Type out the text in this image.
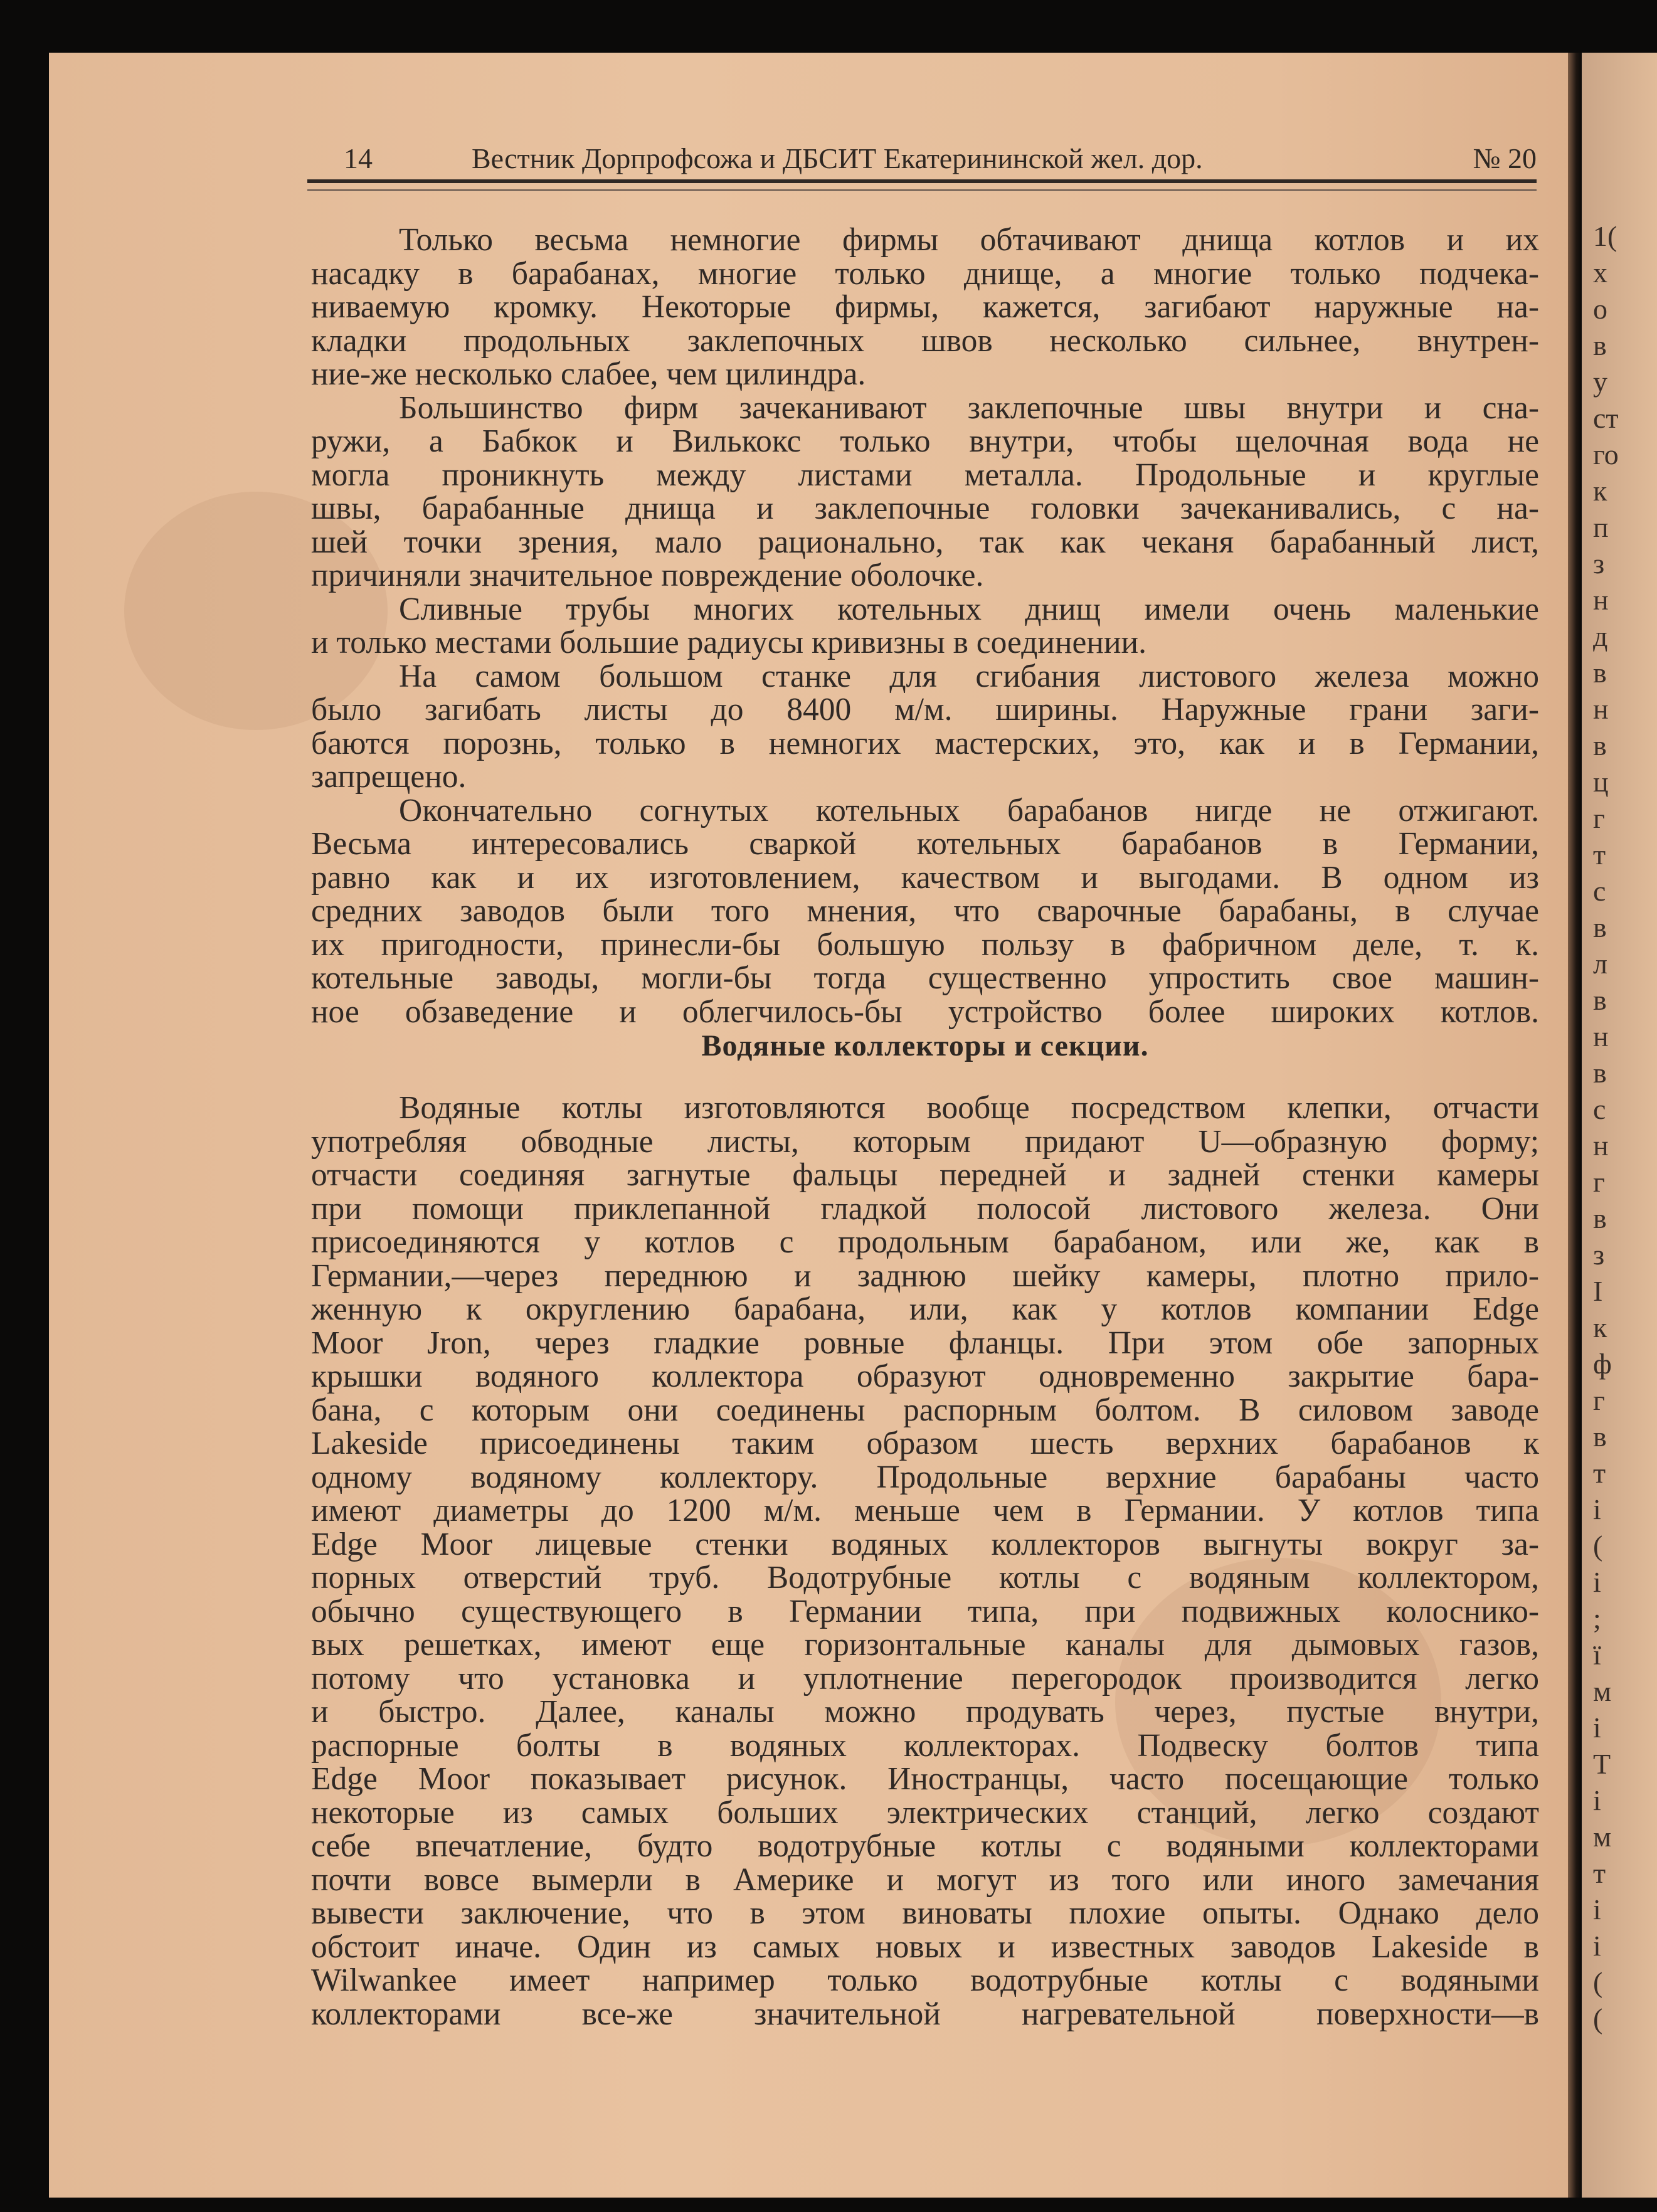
1(
х
о
в
у
ст
го
к
п
з
н
д
в
н
в
ц
г
т
с
в
л
в
н
в
с
н
г
в
з
I
к
ф
г
в
т
і
(
і
;
ї
м
і
Т
і
м
т
і
і
(
(
14	Вестник Дорпрофсожа и ДБСИТ Екатерининской жел. дор.	№ 20
Только весьма немногие фирмы обтачивают днища котлов и их
насадку в барабанах, многие только днище, а многие только подчека-
ниваемую кромку. Некоторые фирмы, кажется, загибают наружные на-
кладки продольных заклепочных швов несколько сильнее, внутрен-
ние-же несколько слабее, чем цилиндра.
Большинство фирм зачеканивают заклепочные швы внутри и сна-
ружи, а Бабкок и Вилькокс только внутри, чтобы щелочная вода не
могла проникнуть между листами металла. Продольные и круглые
швы, барабанные днища и заклепочные головки зачеканивались, с на-
шей точки зрения, мало рационально, так как чеканя барабанный лист,
причиняли значительное повреждение оболочке.
Сливные трубы многих котельных днищ имели очень маленькие
и только местами большие радиусы кривизны в соединении.
На самом большом станке для сгибания листового железа можно
было загибать листы до 8400 м/м. ширины. Наружные грани заги-
баются порознь, только в немногих мастерских, это, как и в Германии,
запрещено.
Окончательно согнутых котельных барабанов нигде не отжигают.
Весьма интересовались сваркой котельных барабанов в Германии,
равно как и их изготовлением, качеством и выгодами. В одном из
средних заводов были того мнения, что сварочные барабаны, в случае
их пригодности, принесли-бы большую пользу в фабричном деле, т. к.
котельные заводы, могли-бы тогда существенно упростить свое машин-
ное обзаведение и облегчилось-бы устройство более широких котлов.
Водяные коллекторы и секции.
Водяные котлы изготовляются вообще посредством клепки, отчасти
употребляя обводные листы, которым придают U—образную форму;
отчасти соединяя загнутые фальцы передней и задней стенки камеры
при помощи приклепанной гладкой полосой листового железа. Они
присоединяются у котлов с продольным барабаном, или же, как в
Германии,—через переднюю и заднюю шейку камеры, плотно прило-
женную к округлению барабана, или, как у котлов компании Edge
Moor Jron, через гладкие ровные фланцы. При этом обе запорных
крышки водяного коллектора образуют одновременно закрытие бара-
бана, с которым они соединены распорным болтом. В силовом заводе
Lakeside присоединены таким образом шесть верхних барабанов к
одному водяному коллектору. Продольные верхние барабаны часто
имеют диаметры до 1200 м/м. меньше чем в Германии. У котлов типа
Edge Moor лицевые стенки водяных коллекторов выгнуты вокруг за-
порных отверстий труб. Водотрубные котлы с водяным коллектором,
обычно существующего в Германии типа, при подвижных колоснико-
вых решетках, имеют еще горизонтальные каналы для дымовых газов,
потому что установка и уплотнение перегородок производится легко
и быстро. Далее, каналы можно продувать через, пустые внутри,
распорные болты в водяных коллекторах. Подвеску болтов типа
Edge Moor показывает рисунок. Иностранцы, часто посещающие только
некоторые из самых больших электрических станций, легко создают
себе впечатление, будто водотрубные котлы с водяными коллекторами
почти вовсе вымерли в Америке и могут из того или иного замечания
вывести заключение, что в этом виноваты плохие опыты. Однако дело
обстоит иначе. Один из самых новых и известных заводов Lakeside в
Wilwankee имеет например только водотрубные котлы с водяными
коллекторами все-же значительной нагревательной поверхности—в
